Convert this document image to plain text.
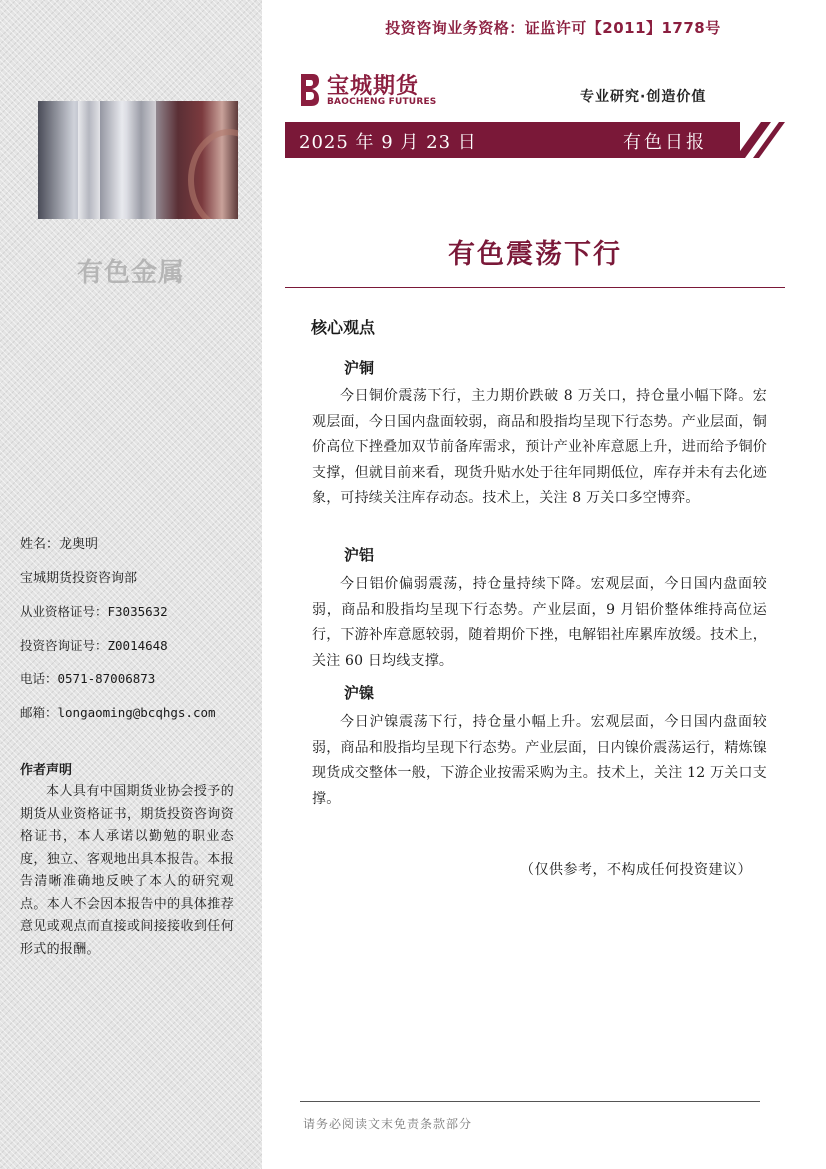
有色金属
姓名：龙奥明
宝城期货投资咨询部
从业资格证号：F3035632
投资咨询证号：Z0014648
电话：0571-87006873
邮箱：longaoming@bcqhgs.com
作者声明
本人具有中国期货业协会授予的期货从业资格证书，期货投资咨询资格证书，本人承诺以勤勉的职业态度，独立、客观地出具本报告。本报告清晰准确地反映了本人的研究观点。本人不会因本报告中的具体推荐意见或观点而直接或间接接收到任何形式的报酬。
投资咨询业务资格：证监许可【2011】1778号
宝城期货
BAOCHENG FUTURES	专业研究·创造价值
2025 年 9 月 23 日	有色日报
有色震荡下行
核心观点
沪铜
今日铜价震荡下行，主力期价跌破 8 万关口，持仓量小幅下降。宏观层面，今日国内盘面较弱，商品和股指均呈现下行态势。产业层面，铜价高位下挫叠加双节前备库需求，预计产业补库意愿上升，进而给予铜价支撑，但就目前来看，现货升贴水处于往年同期低位，库存并未有去化迹象，可持续关注库存动态。技术上，关注 8 万关口多空博弈。
沪铝
今日铝价偏弱震荡，持仓量持续下降。宏观层面，今日国内盘面较弱，商品和股指均呈现下行态势。产业层面，9 月铝价整体维持高位运行，下游补库意愿较弱，随着期价下挫，电解铝社库累库放缓。技术上，关注 60 日均线支撑。
沪镍
今日沪镍震荡下行，持仓量小幅上升。宏观层面，今日国内盘面较弱，商品和股指均呈现下行态势。产业层面，日内镍价震荡运行，精炼镍现货成交整体一般，下游企业按需采购为主。技术上，关注 12 万关口支撑。
（仅供参考，不构成任何投资建议）
请务必阅读文末免责条款部分
